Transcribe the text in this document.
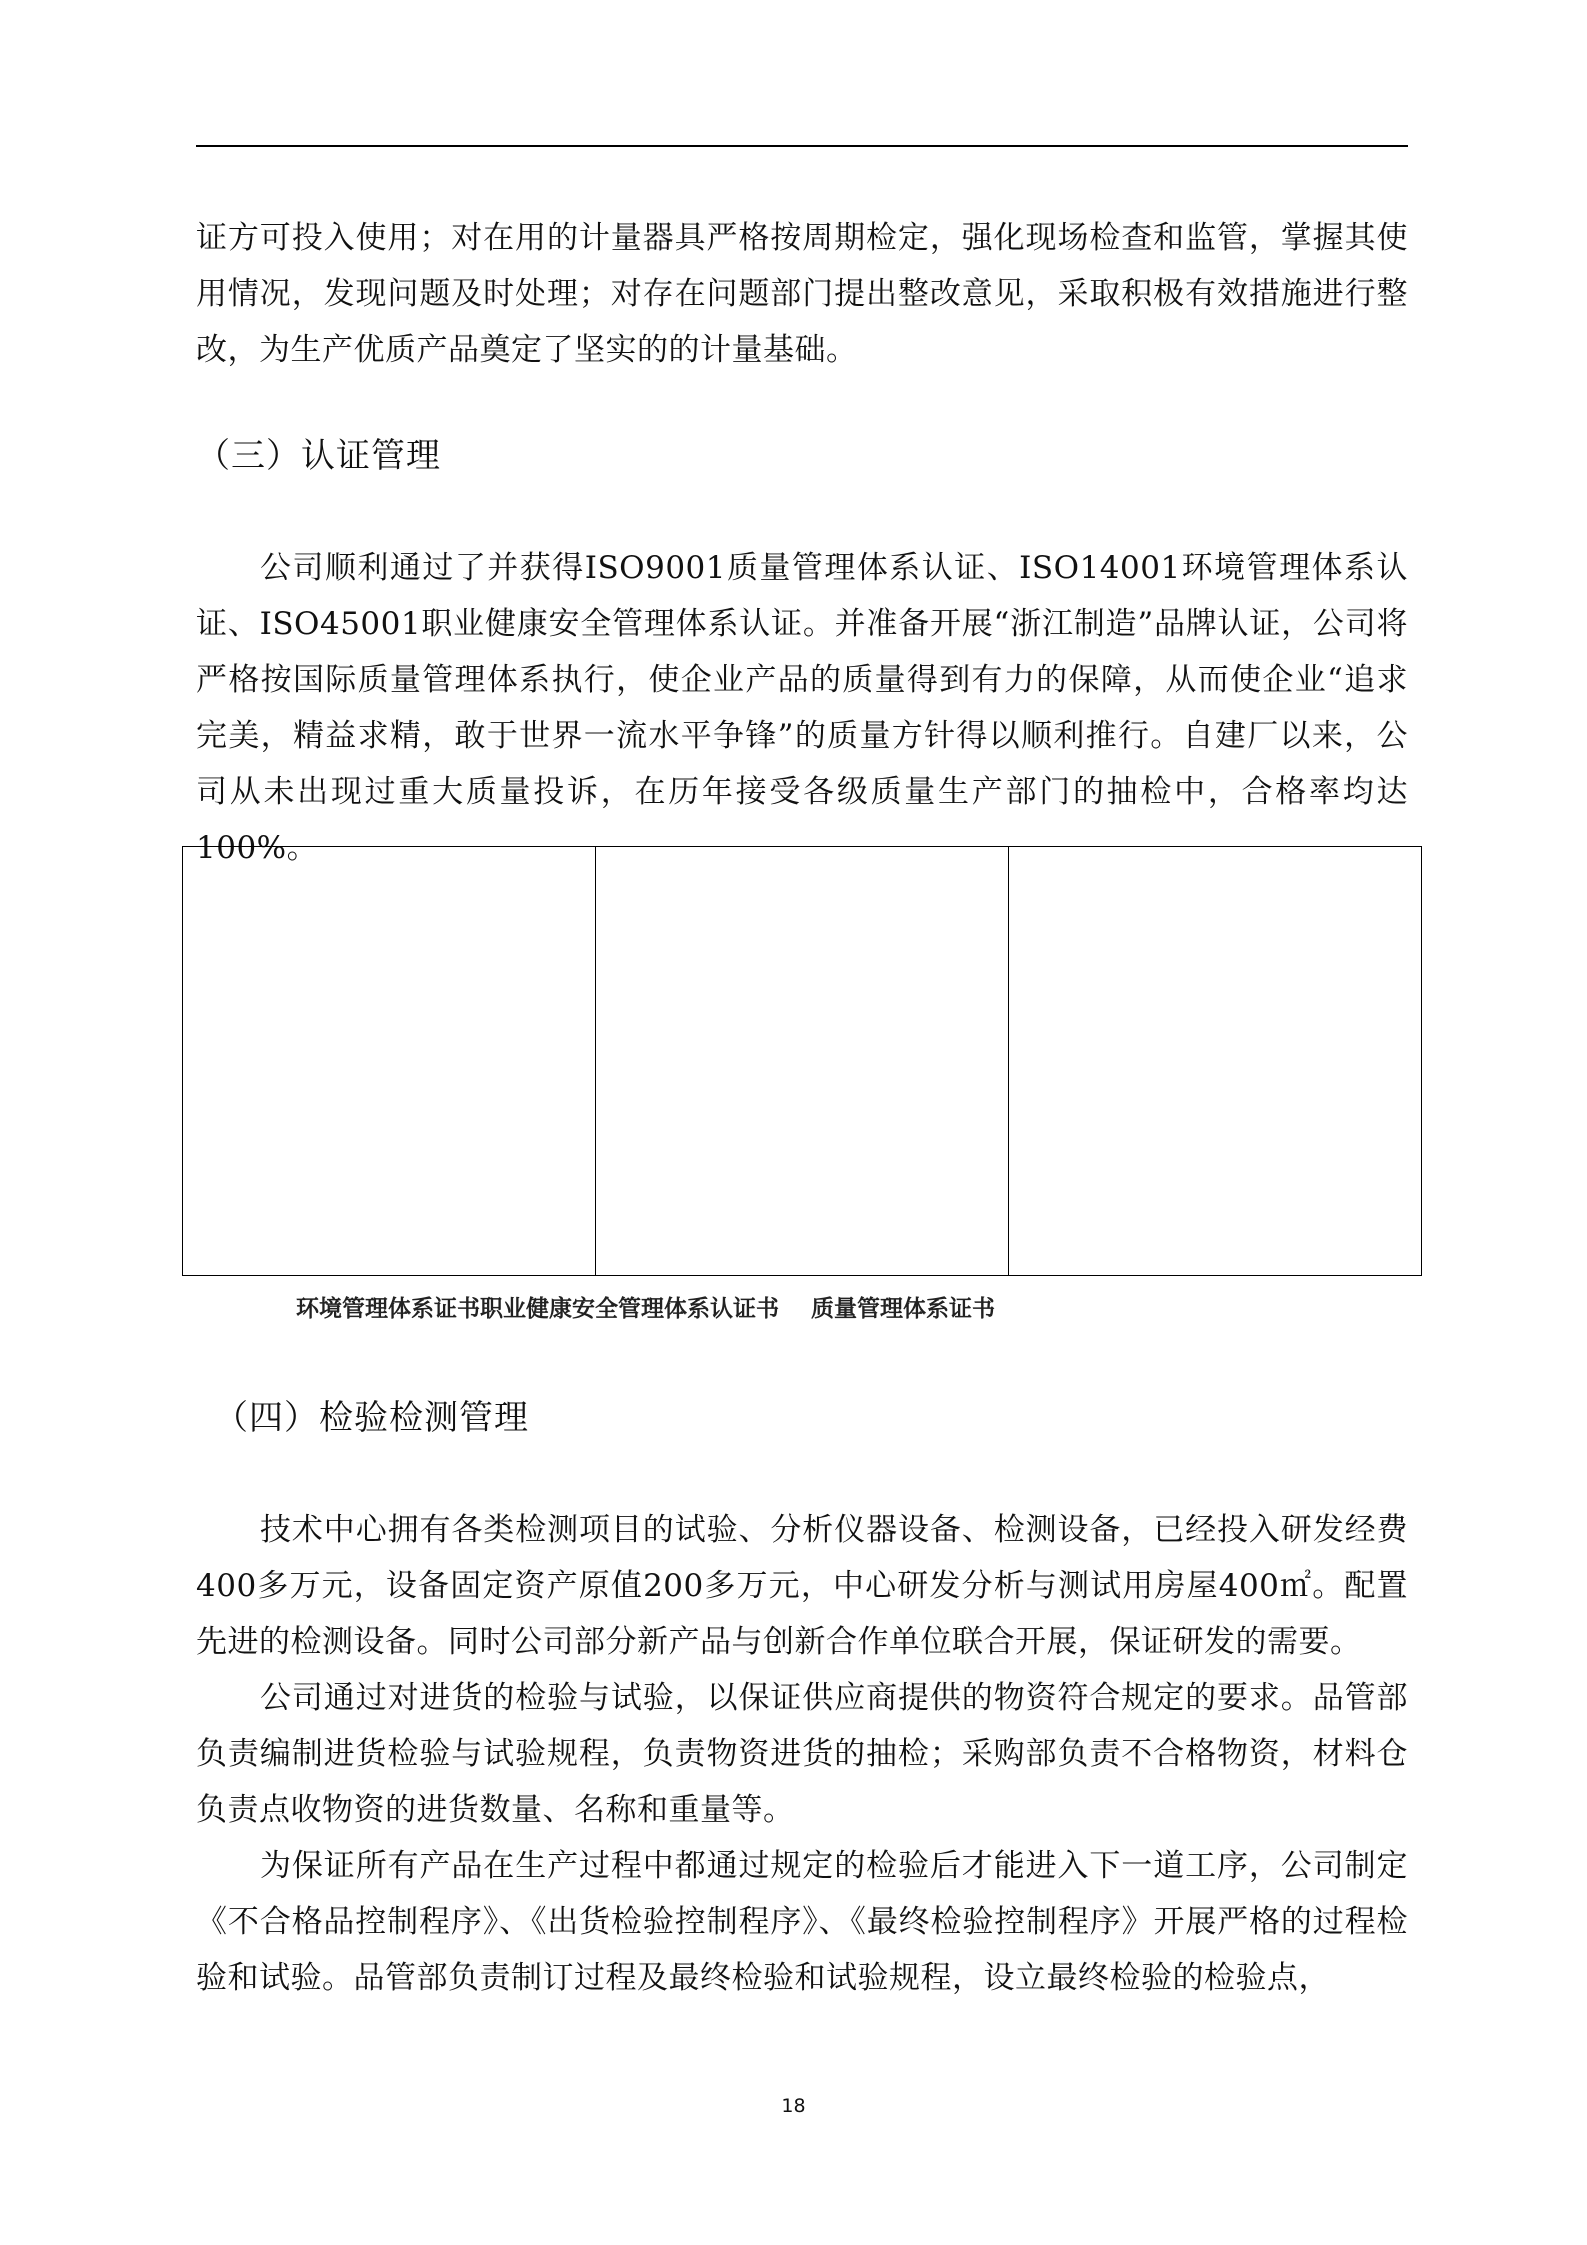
证方可投入使用；对在用的计量器具严格按周期检定，强化现场检查和监管，掌握其使用情况，发现问题及时处理；对存在问题部门提出整改意见，采取积极有效措施进行整改，为生产优质产品奠定了坚实的的计量基础。

（三）认证管理

公司顺利通过了并获得ISO9001质量管理体系认证、ISO14001环境管理体系认证、ISO45001职业健康安全管理体系认证。并准备开展“浙江制造”品牌认证，公司将严格按国际质量管理体系执行，使企业产品的质量得到有力的保障，从而使企业“追求完美，精益求精，敢于世界一流水平争锋”的质量方针得以顺利推行。自建厂以来，公司从未出现过重大质量投诉，在历年接受各级质量生产部门的抽检中，合格率均达100%。

环境管理体系证书职业健康安全管理体系认证书    质量管理体系证书

（四）检验检测管理

技术中心拥有各类检测项目的试验、分析仪器设备、检测设备，已经投入研发经费400多万元，设备固定资产原值200多万元，中心研发分析与测试用房屋400㎡。配置先进的检测设备。同时公司部分新产品与创新合作单位联合开展，保证研发的需要。

公司通过对进货的检验与试验，以保证供应商提供的物资符合规定的要求。品管部负责编制进货检验与试验规程，负责物资进货的抽检；采购部负责不合格物资，材料仓负责点收物资的进货数量、名称和重量等。

为保证所有产品在生产过程中都通过规定的检验后才能进入下一道工序，公司制定《不合格品控制程序》、《出货检验控制程序》、《最终检验控制程序》开展严格的过程检验和试验。品管部负责制订过程及最终检验和试验规程，设立最终检验的检验点，

18
